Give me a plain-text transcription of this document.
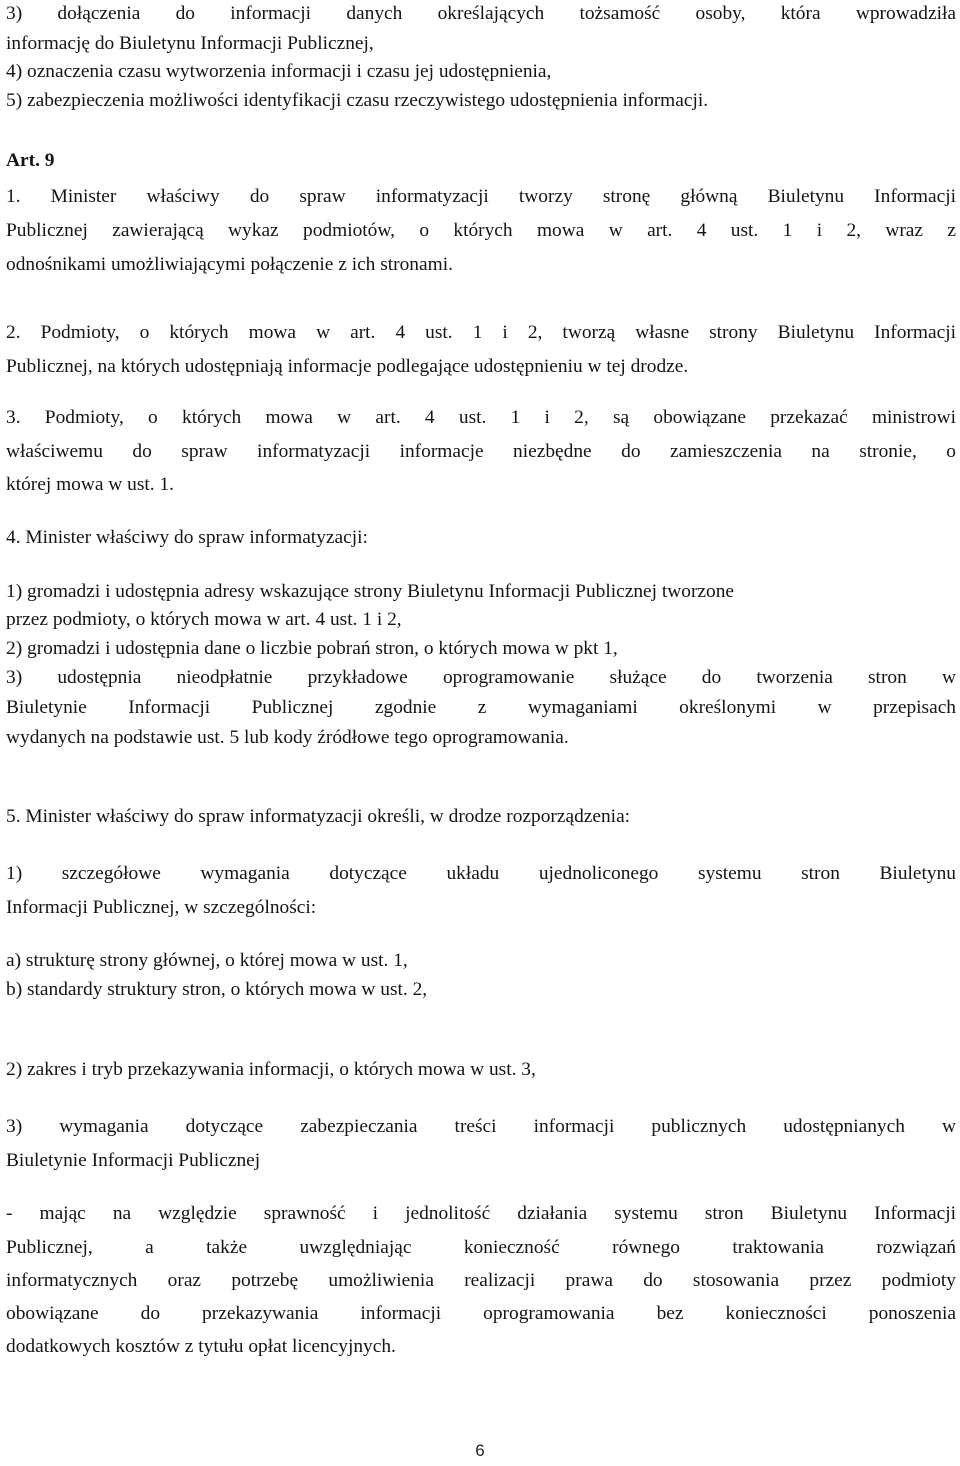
3) dołączenia do informacji danych określających tożsamość osoby, która wprowadziła
informację do Biuletynu Informacji Publicznej,
4) oznaczenia czasu wytworzenia informacji i czasu jej udostępnienia,
5) zabezpieczenia możliwości identyfikacji czasu rzeczywistego udostępnienia informacji.
Art. 9
1. Minister właściwy do spraw informatyzacji tworzy stronę główną Biuletynu Informacji
Publicznej zawierającą wykaz podmiotów, o których mowa w art. 4 ust. 1 i 2, wraz z
odnośnikami umożliwiającymi połączenie z ich stronami.
2. Podmioty, o których mowa w art. 4 ust. 1 i 2, tworzą własne strony Biuletynu Informacji
Publicznej, na których udostępniają informacje podlegające udostępnieniu w tej drodze.
3. Podmioty, o których mowa w art. 4 ust. 1 i 2, są obowiązane przekazać ministrowi
właściwemu do spraw informatyzacji informacje niezbędne do zamieszczenia na stronie, o
której mowa w ust. 1.
4. Minister właściwy do spraw informatyzacji:
1) gromadzi i udostępnia adresy wskazujące strony Biuletynu Informacji Publicznej tworzone
przez podmioty, o których mowa w art. 4 ust. 1 i 2,
2) gromadzi i udostępnia dane o liczbie pobrań stron, o których mowa w pkt 1,
3) udostępnia nieodpłatnie przykładowe oprogramowanie służące do tworzenia stron w
Biuletynie Informacji Publicznej zgodnie z wymaganiami określonymi w przepisach
wydanych na podstawie ust. 5 lub kody źródłowe tego oprogramowania.
5. Minister właściwy do spraw informatyzacji określi, w drodze rozporządzenia:
1) szczegółowe wymagania dotyczące układu ujednoliconego systemu stron Biuletynu
Informacji Publicznej, w szczególności:
a) strukturę strony głównej, o której mowa w ust. 1,
b) standardy struktury stron, o których mowa w ust. 2,
2) zakres i tryb przekazywania informacji, o których mowa w ust. 3,
3) wymagania dotyczące zabezpieczania treści informacji publicznych udostępnianych w
Biuletynie Informacji Publicznej
- mając na względzie sprawność i jednolitość działania systemu stron Biuletynu Informacji
Publicznej, a także uwzględniając konieczność równego traktowania rozwiązań
informatycznych oraz potrzebę umożliwienia realizacji prawa do stosowania przez podmioty
obowiązane do przekazywania informacji oprogramowania bez konieczności ponoszenia
dodatkowych kosztów z tytułu opłat licencyjnych.
6
